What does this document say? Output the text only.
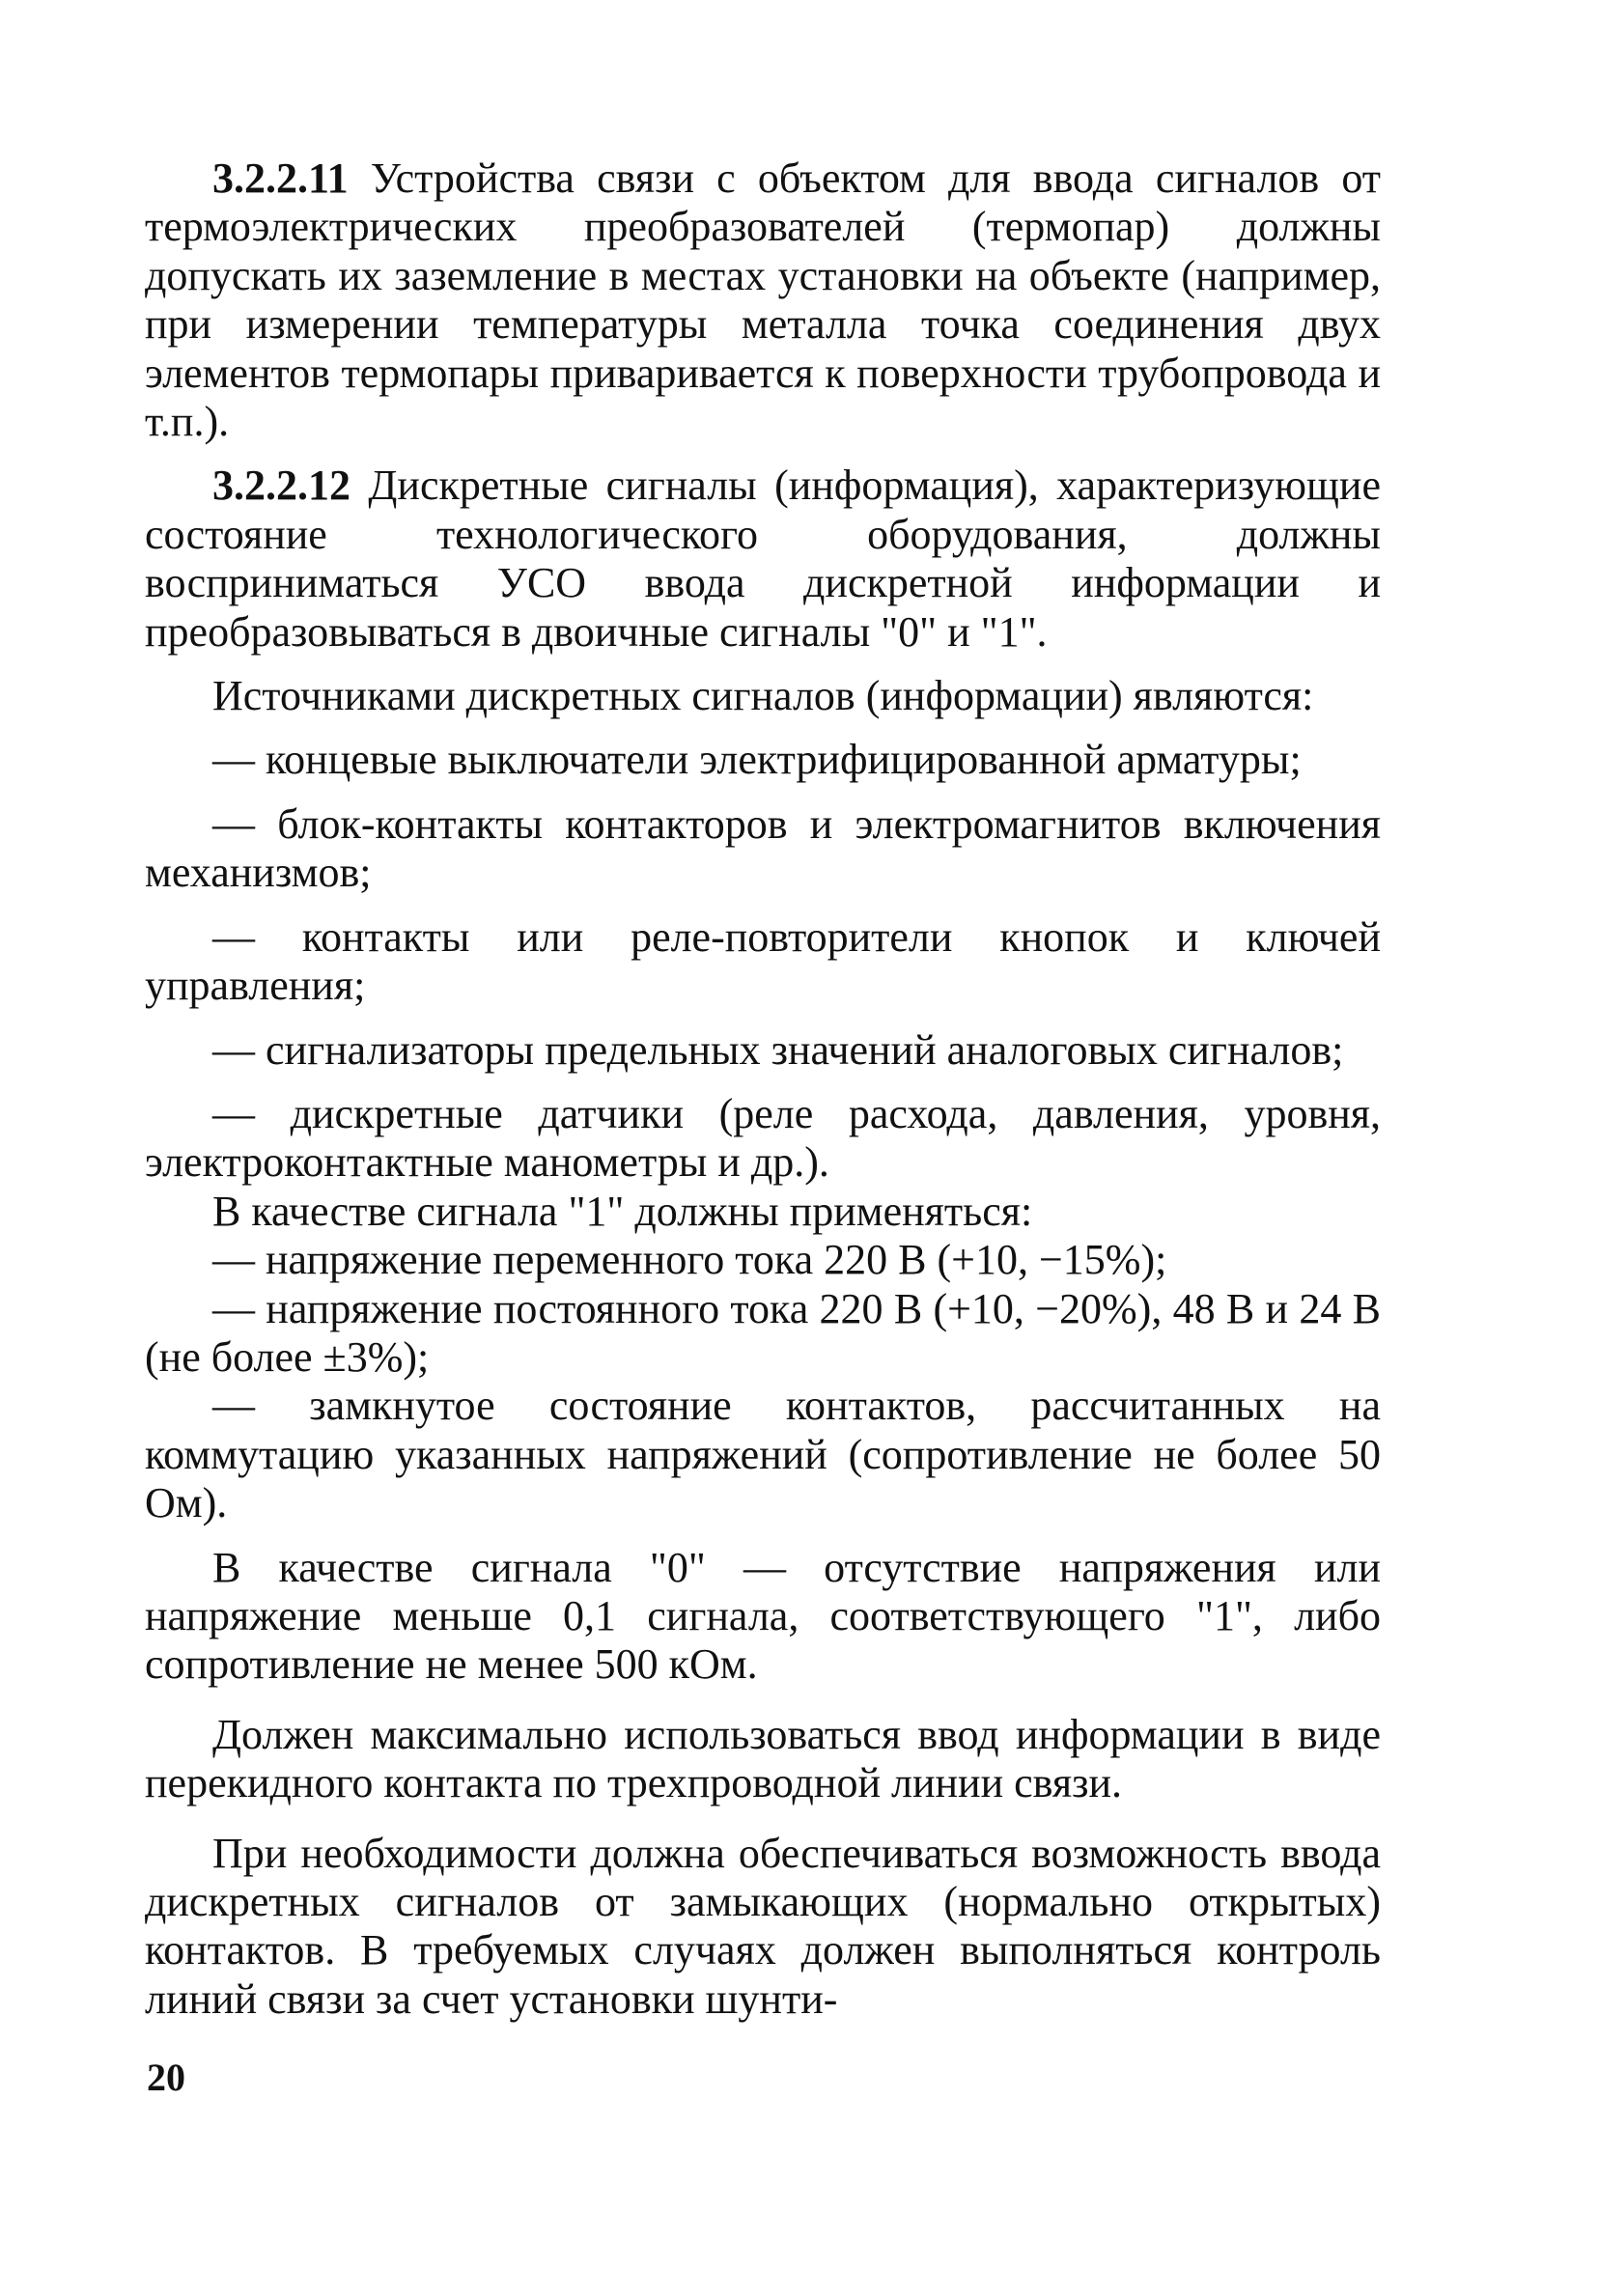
3.2.2.11 Устройства связи с объектом для ввода сигналов от термоэлектрических преобразователей (термопар) должны допускать их заземление в местах установки на объекте (например, при измерении температуры металла точка соединения двух элементов термопары приваривается к поверхности трубопровода и т.п.).

3.2.2.12 Дискретные сигналы (информация), характеризующие состояние технологического оборудования, должны восприниматься УСО ввода дискретной информации и преобразовываться в двоичные сигналы "0" и "1".

Источниками дискретных сигналов (информации) являются:

— концевые выключатели электрифицированной арматуры;

— блок-контакты контакторов и электромагнитов включения механизмов;

— контакты или реле-повторители кнопок и ключей управления;

— сигнализаторы предельных значений аналоговых сигналов;

— дискретные датчики (реле расхода, давления, уровня, электроконтактные манометры и др.).

В качестве сигнала "1" должны применяться:

— напряжение переменного тока 220 В (+10, −15%);

— напряжение постоянного тока 220 В (+10, −20%), 48 В и 24 В (не более ±3%);

— замкнутое состояние контактов, рассчитанных на коммутацию указанных напряжений (сопротивление не более 50 Ом).

В качестве сигнала "0" — отсутствие напряжения или напряжение меньше 0,1 сигнала, соответствующего "1", либо сопротивление не менее 500 кОм.

Должен максимально использоваться ввод информации в виде перекидного контакта по трехпроводной линии связи.

При необходимости должна обеспечиваться возможность ввода дискретных сигналов от замыкающих (нормально открытых) контактов. В требуемых случаях должен выполняться контроль линий связи за счет установки шунти-

20
